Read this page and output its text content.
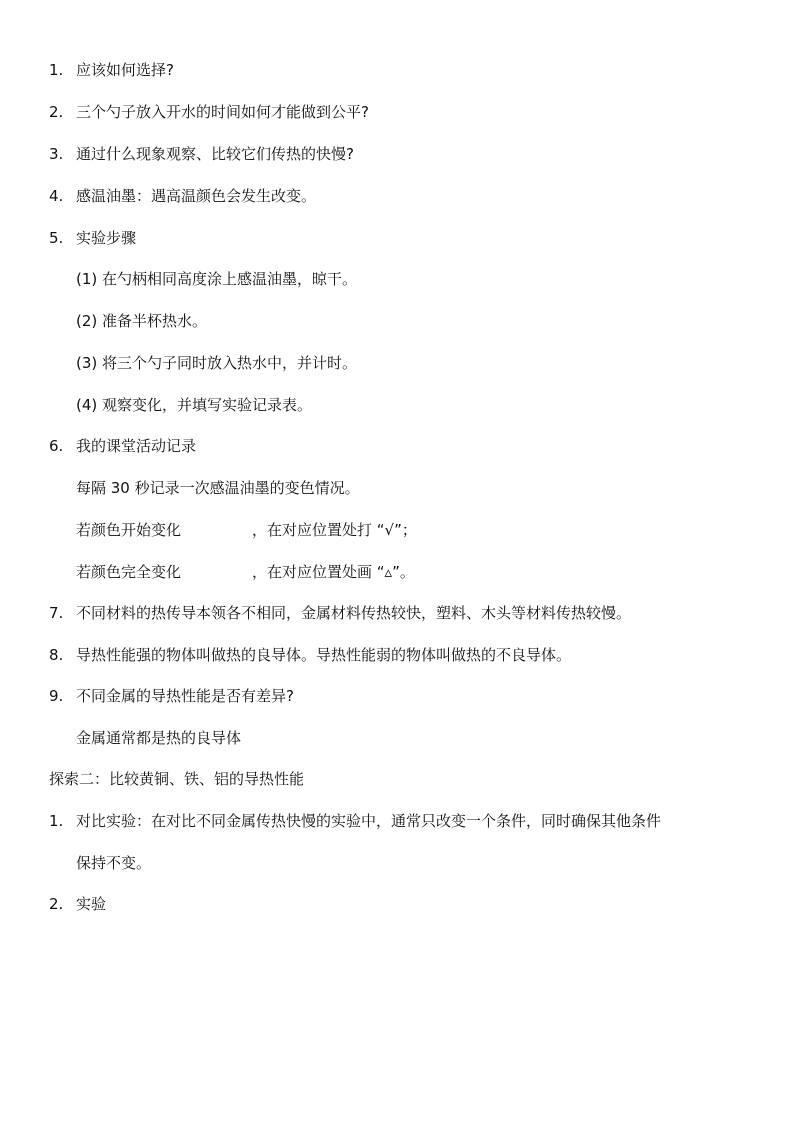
1. 应该如何选择?
2. 三个勺子放入开水的时间如何才能做到公平?
3. 通过什么现象观察、比较它们传热的快慢?
4. 感温油墨：遇高温颜色会发生改变。
5. 实验步骤
(1) 在勺柄相同高度涂上感温油墨，晾干。
(2) 准备半杯热水。
(3) 将三个勺子同时放入热水中，并计时。
(4) 观察变化，并填写实验记录表。
6. 我的课堂活动记录
每隔 30 秒记录一次感温油墨的变色情况。
若颜色开始变化	，在对应位置处打 “√”；
若颜色完全变化	，在对应位置处画 “▵”。
7. 不同材料的热传导本领各不相同，金属材料传热较快，塑料、木头等材料传热较慢。
8. 导热性能强的物体叫做热的良导体。导热性能弱的物体叫做热的不良导体。
9. 不同金属的导热性能是否有差异?
金属通常都是热的良导体
探索二：比较黄铜、铁、铝的导热性能
1. 对比实验：在对比不同金属传热快慢的实验中，通常只改变一个条件，同时确保其他条件
保持不变。
2. 实验
